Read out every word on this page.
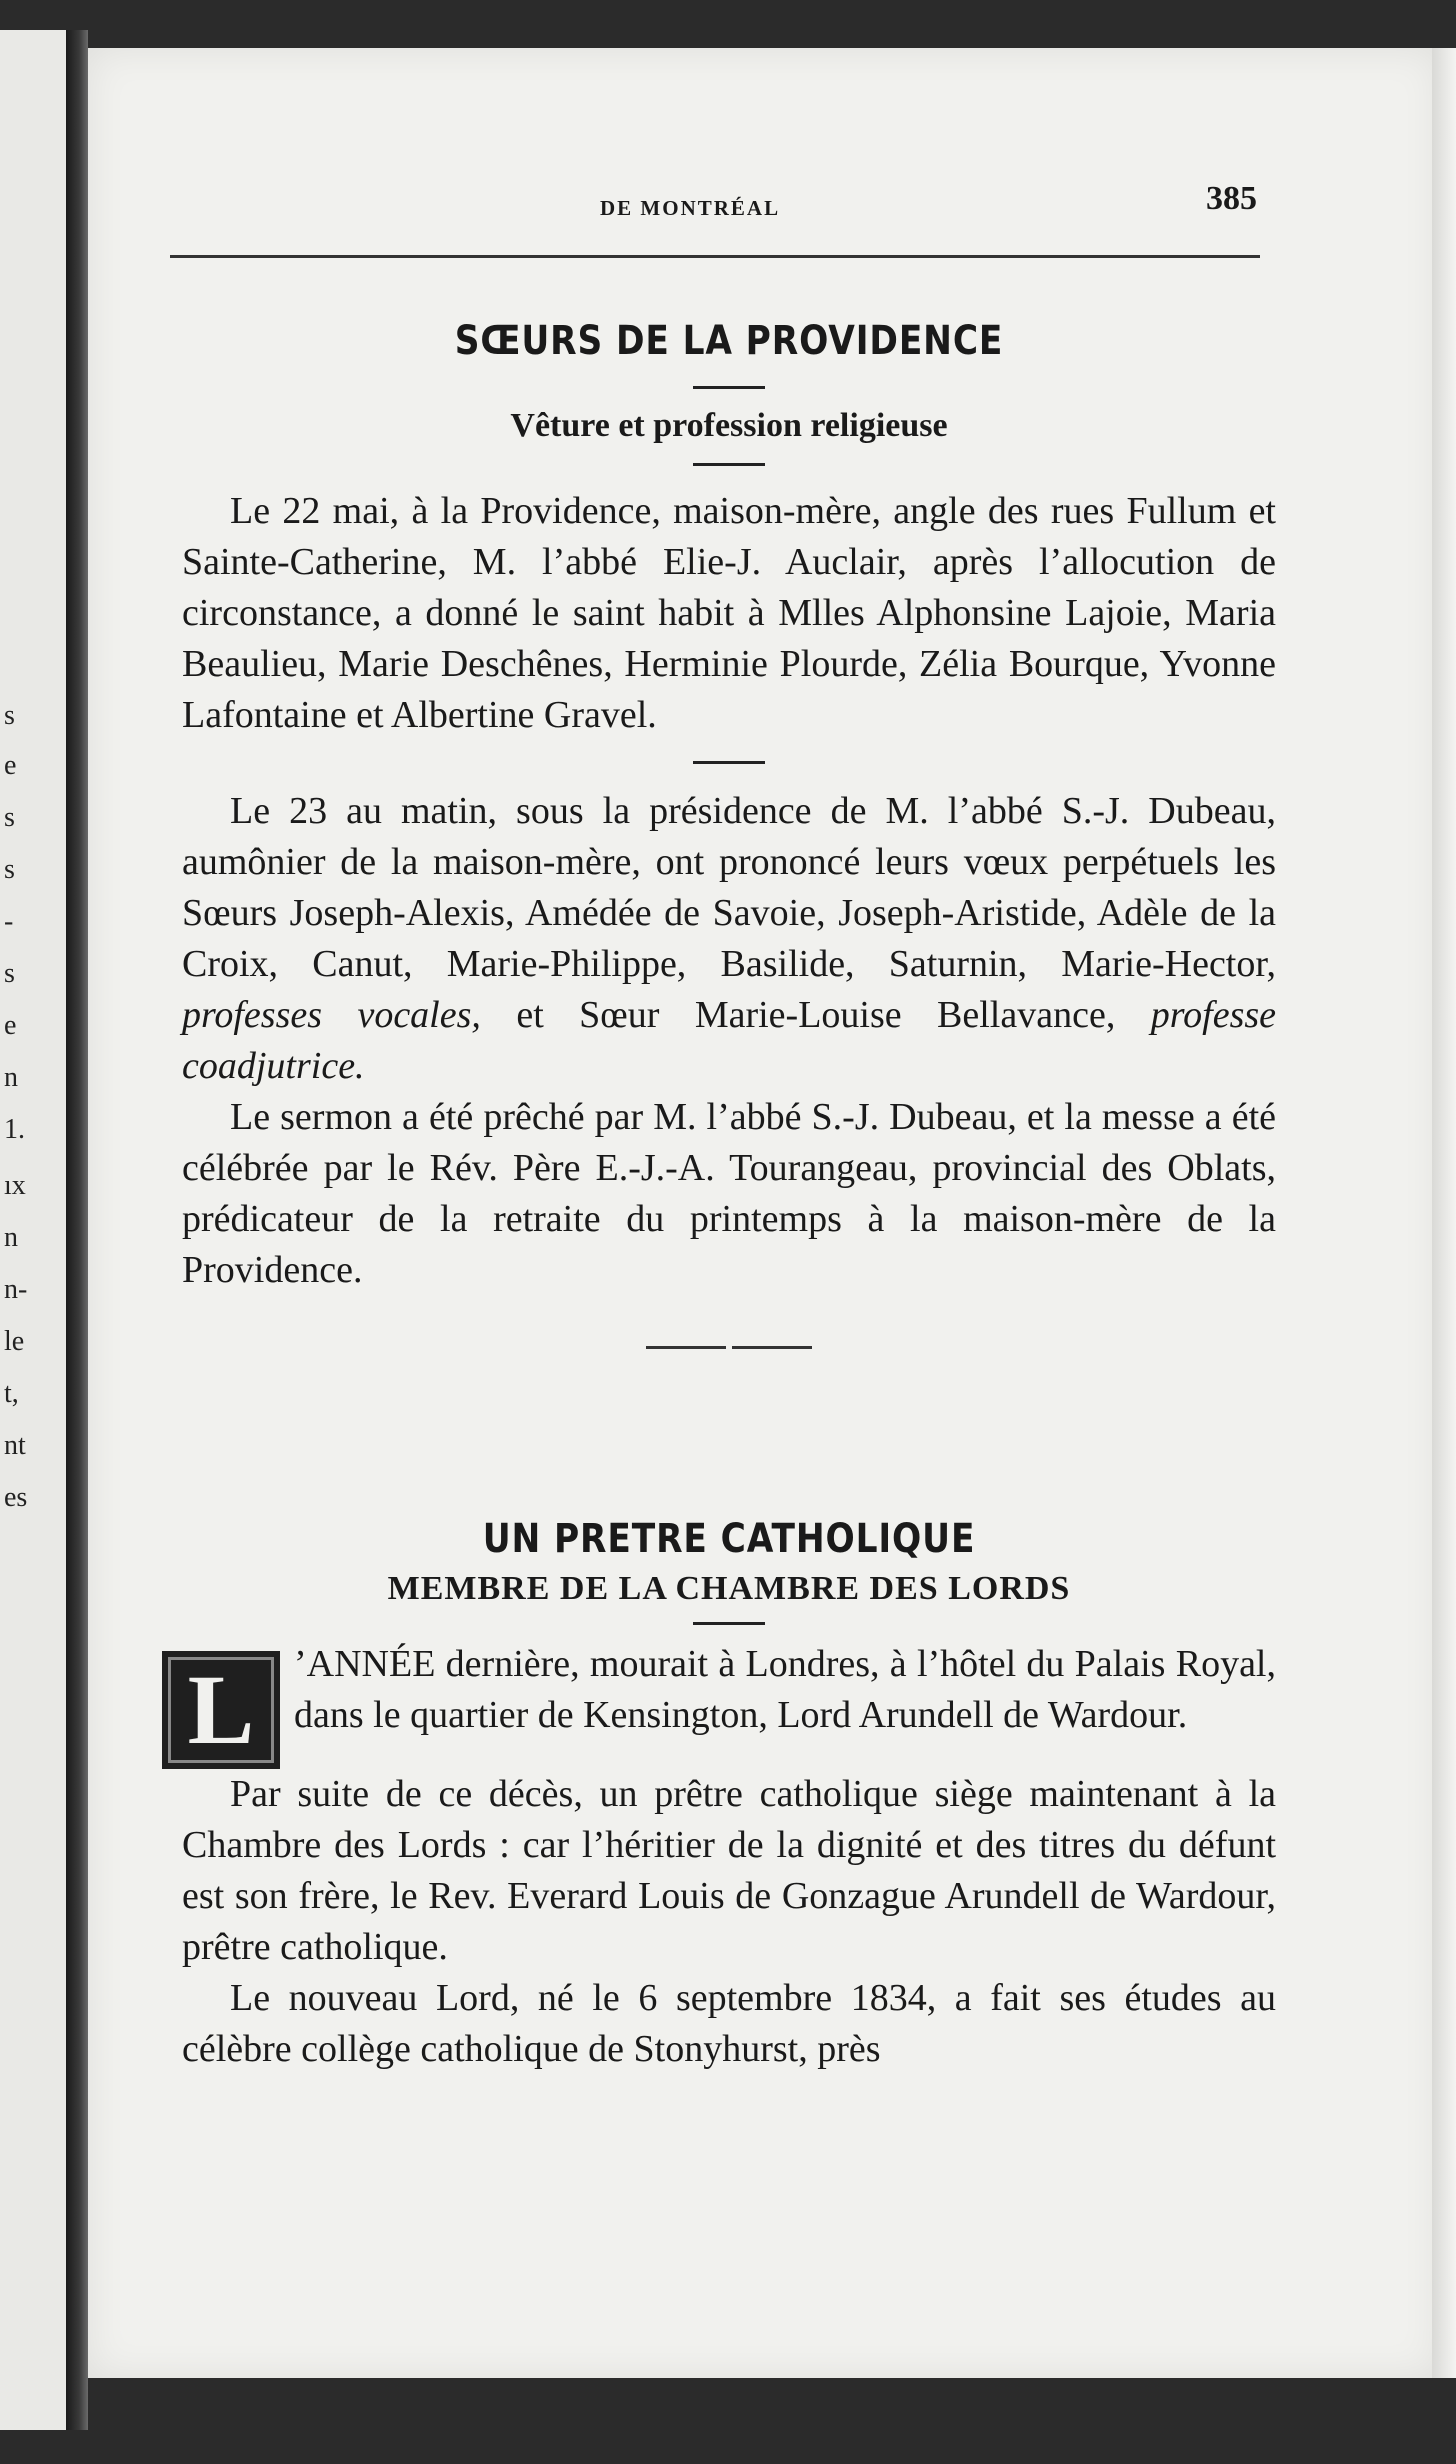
s
e
s
s
-
s
e
n
1.
ıx
n
n-
le
t,
nt
es
DE MONTRÉAL	385
SŒURS DE LA PROVIDENCE
Vêture et profession religieuse

Le 22 mai, à la Providence, maison-mère, angle des rues Fullum et Sainte-Catherine, M. l’abbé Elie-J. Auclair, après l’allocution de circonstance, a donné le saint habit à Mlles Alphonsine Lajoie, Maria Beaulieu, Marie Deschênes, Herminie Plourde, Zélia Bourque, Yvonne Lafontaine et Albertine Gravel.

Le 23 au matin, sous la présidence de M. l’abbé S.-J. Dubeau, aumônier de la maison-mère, ont prononcé leurs vœux perpétuels les Sœurs Joseph-Alexis, Amédée de Savoie, Joseph-Aristide, Adèle de la Croix, Canut, Marie-Philippe, Basilide, Saturnin, Marie-Hector, professes vocales, et Sœur Marie-Louise Bellavance, professe coadjutrice.

Le sermon a été prêché par M. l’abbé S.-J. Dubeau, et la messe a été célébrée par le Rév. Père E.-J.-A. Tourangeau, provincial des Oblats, prédicateur de la retraite du printemps à la maison-mère de la Providence.

UN PRETRE CATHOLIQUE
MEMBRE DE LA CHAMBRE DES LORDS
L	’ANNÉE dernière, mourait à Londres, à l’hôtel du Palais Royal, dans le quartier de Kensington, Lord Arundell de Wardour.

Par suite de ce décès, un prêtre catholique siège maintenant à la Chambre des Lords : car l’héritier de la dignité et des titres du défunt est son frère, le Rev. Everard Louis de Gonzague Arundell de Wardour, prêtre catholique.

Le nouveau Lord, né le 6 septembre 1834, a fait ses études au célèbre collège catholique de Stonyhurst, près
